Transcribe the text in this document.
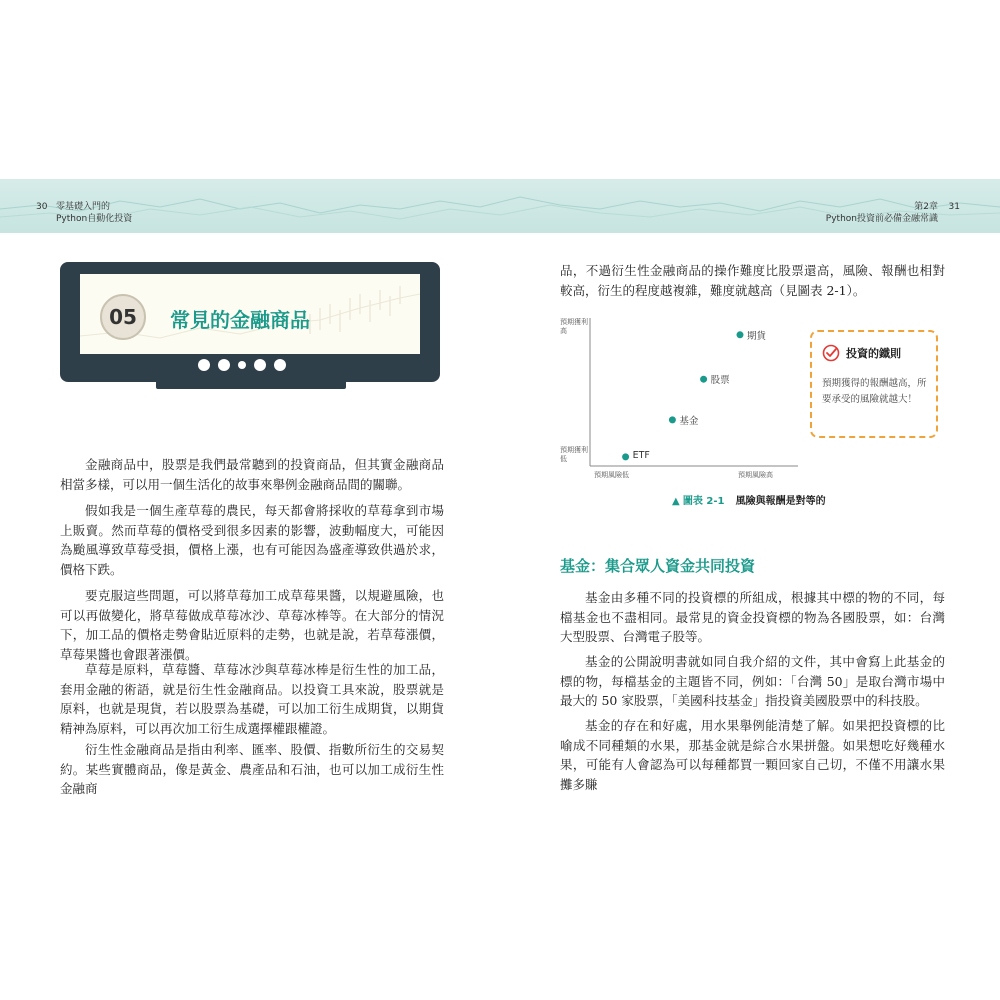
30 零基礎入門的
Python自動化投資
第2章
Python投資前必備金融常識
31
05	常見的金融商品

金融商品中，股票是我們最常聽到的投資商品，但其實金融商品相當多樣，可以用一個生活化的故事來舉例金融商品間的關聯。

假如我是一個生產草莓的農民，每天都會將採收的草莓拿到市場上販賣。然而草莓的價格受到很多因素的影響，波動幅度大，可能因為颱風導致草莓受損，價格上漲，也有可能因為盛產導致供過於求，價格下跌。

要克服這些問題，可以將草莓加工成草莓果醬，以規避風險，也可以再做變化，將草莓做成草莓冰沙、草莓冰棒等。在大部分的情況下，加工品的價格走勢會貼近原料的走勢，也就是說，若草莓漲價，草莓果醬也會跟著漲價。

草莓是原料，草莓醬、草莓冰沙與草莓冰棒是衍生性的加工品，套用金融的術語，就是衍生性金融商品。以投資工具來說，股票就是原料，也就是現貨，若以股票為基礎，可以加工衍生成期貨，以期貨精神為原料，可以再次加工衍生成選擇權跟權證。

衍生性金融商品是指由利率、匯率、股價、指數所衍生的交易契約。某些實體商品，像是黃金、農產品和石油，也可以加工成衍生性金融商

品，不過衍生性金融商品的操作難度比股票還高，風險、報酬也相對較高，衍生的程度越複雜，難度就越高（見圖表 2-1）。

預期獲利高
預期獲利低
預期風險低	預期風險高
ETF
基金
股票
期貨
▲ 圖表 2-1 風險與報酬是對等的
投資的鐵則
預期獲得的報酬越高，所要承受的風險就越大！
基金：集合眾人資金共同投資

基金由多種不同的投資標的所組成，根據其中標的物的不同，每檔基金也不盡相同。最常見的資金投資標的物為各國股票，如：台灣大型股票、台灣電子股等。

基金的公開說明書就如同自我介紹的文件，其中會寫上此基金的標的物，每檔基金的主題皆不同，例如：「台灣 50」是取台灣市場中最大的 50 家股票，「美國科技基金」指投資美國股票中的科技股。

基金的存在和好處，用水果舉例能清楚了解。如果把投資標的比喻成不同種類的水果，那基金就是綜合水果拼盤。如果想吃好幾種水果，可能有人會認為可以每種都買一顆回家自己切，不僅不用讓水果攤多賺
